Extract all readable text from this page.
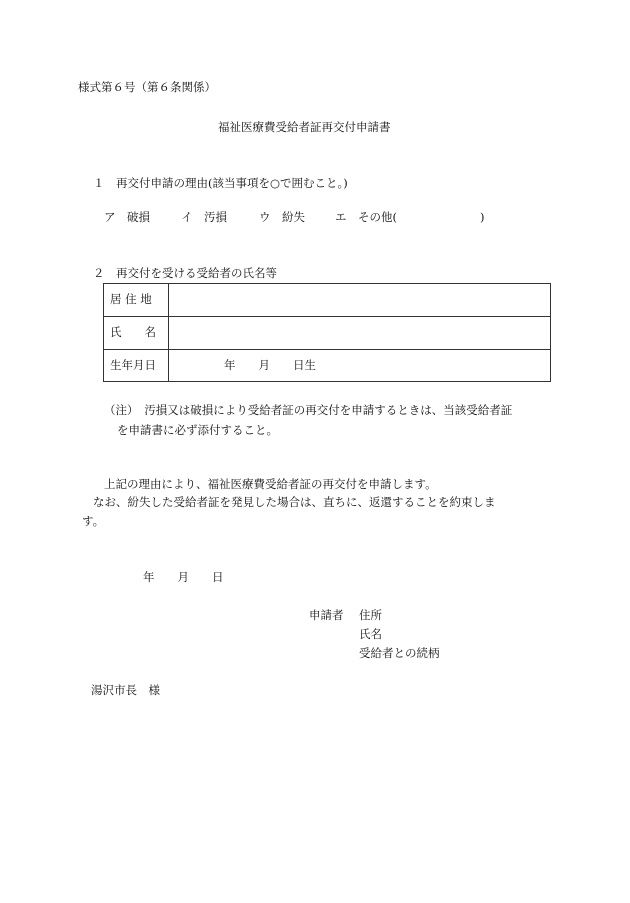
様式第６号（第６条関係）
福祉医療費受給者証再交付申請書
１　再交付申請の理由(該当事項を○で囲むこと。)
ア　破損	イ　汚損	ウ　紛失	エ　その他(	)
２　再交付を受ける受給者の氏名等
居 住 地
氏　　名
生年月日	年　　月　　日生
（注）　汚損又は破損により受給者証の再交付を申請するときは、当該受給者証
を申請書に必ず添付すること。
上記の理由により、福祉医療費受給者証の再交付を申請します。
なお、紛失した受給者証を発見した場合は、直ちに、返還することを約束しま
す。
年　　月　　日
申請者 住所
氏名
受給者との続柄
湯沢市長　様
